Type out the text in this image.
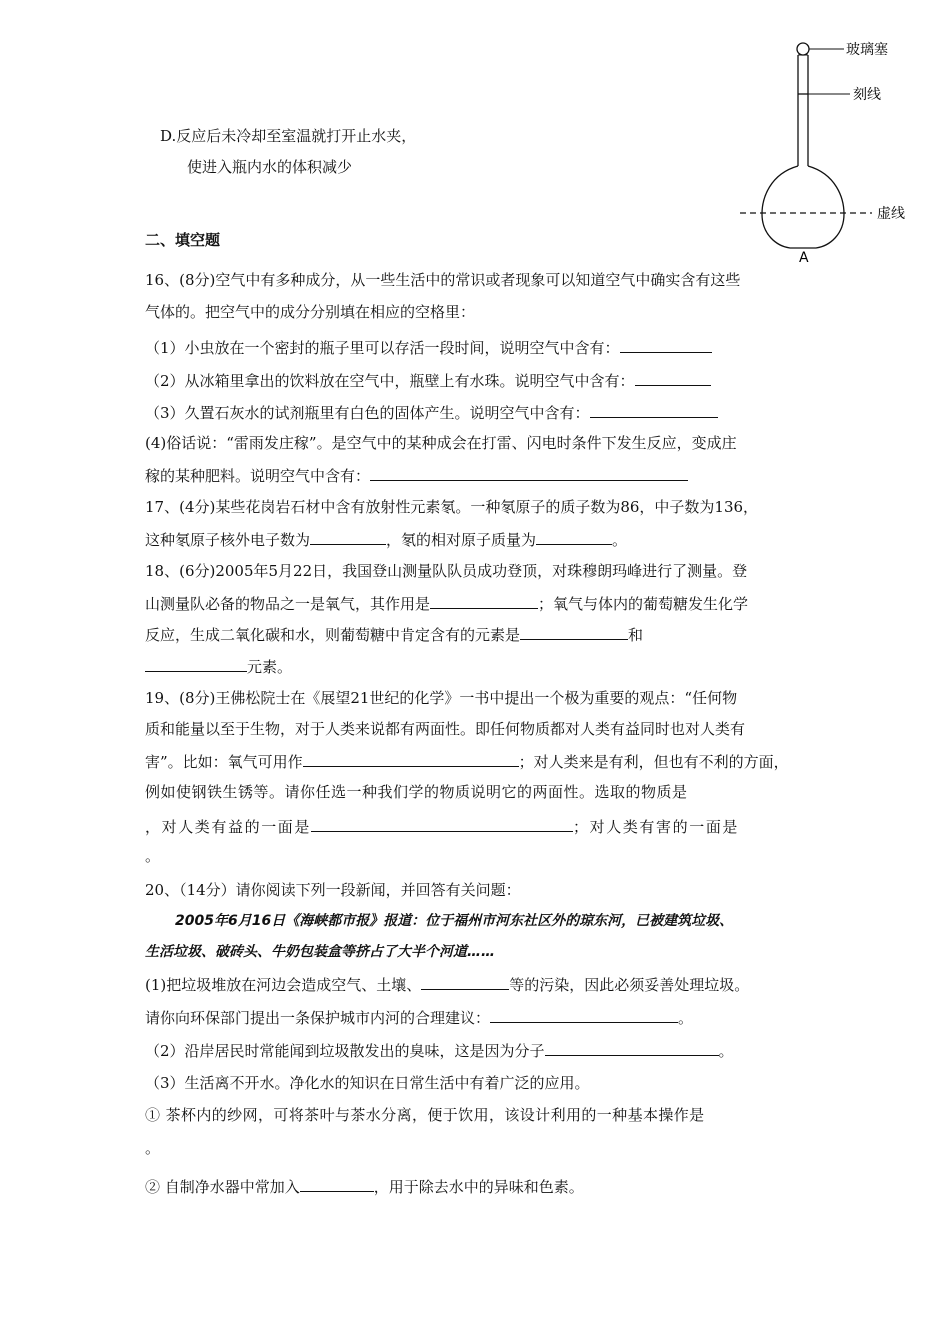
D.反应后未冷却至室温就打开止水夹，
使进入瓶内水的体积减少
玻璃塞
刻线
虚线
A
二、填空题
16、(8分)空气中有多种成分，从一些生活中的常识或者现象可以知道空气中确实含有这些
气体的。把空气中的成分分别填在相应的空格里：
（1）小虫放在一个密封的瓶子里可以存活一段时间，说明空气中含有：
（2）从冰箱里拿出的饮料放在空气中，瓶壁上有水珠。说明空气中含有：
（3）久置石灰水的试剂瓶里有白色的固体产生。说明空气中含有：
(4)俗话说：“雷雨发庄稼”。是空气中的某种成会在打雷、闪电时条件下发生反应，变成庄
稼的某种肥料。说明空气中含有：
17、(4分)某些花岗岩石材中含有放射性元素氡。一种氡原子的质子数为86，中子数为136，
这种氡原子核外电子数为	，氡的相对原子质量为	。
18、(6分)2005年5月22日，我国登山测量队队员成功登顶，对珠穆朗玛峰进行了测量。登
山测量队必备的物品之一是氧气，其作用是	；氧气与体内的葡萄糖发生化学
反应，生成二氧化碳和水，则葡萄糖中肯定含有的元素是	和
元素。
19、(8分)王佛松院士在《展望21世纪的化学》一书中提出一个极为重要的观点：“任何物
质和能量以至于生物，对于人类来说都有两面性。即任何物质都对人类有益同时也对人类有
害”。比如：氧气可用作	；对人类来是有利，但也有不利的方面，
例如使钢铁生锈等。请你任选一种我们学的物质说明它的两面性。选取的物质是
，对人类有益的一面是	；对人类有害的一面是
。
20、（14分）请你阅读下列一段新闻，并回答有关问题：
2005年6月16日《海峡都市报》报道：位于福州市河东社区外的琼东河，已被建筑垃圾、
生活垃圾、破砖头、牛奶包装盒等挤占了大半个河道……
(1)把垃圾堆放在河边会造成空气、土壤、	等的污染，因此必须妥善处理垃圾。
请你向环保部门提出一条保护城市内河的合理建议：	。
（2）沿岸居民时常能闻到垃圾散发出的臭味，这是因为分子	。
（3）生活离不开水。净化水的知识在日常生活中有着广泛的应用。
① 茶杯内的纱网，可将茶叶与茶水分离，便于饮用，该设计利用的一种基本操作是
。
② 自制净水器中常加入	，用于除去水中的异味和色素。
